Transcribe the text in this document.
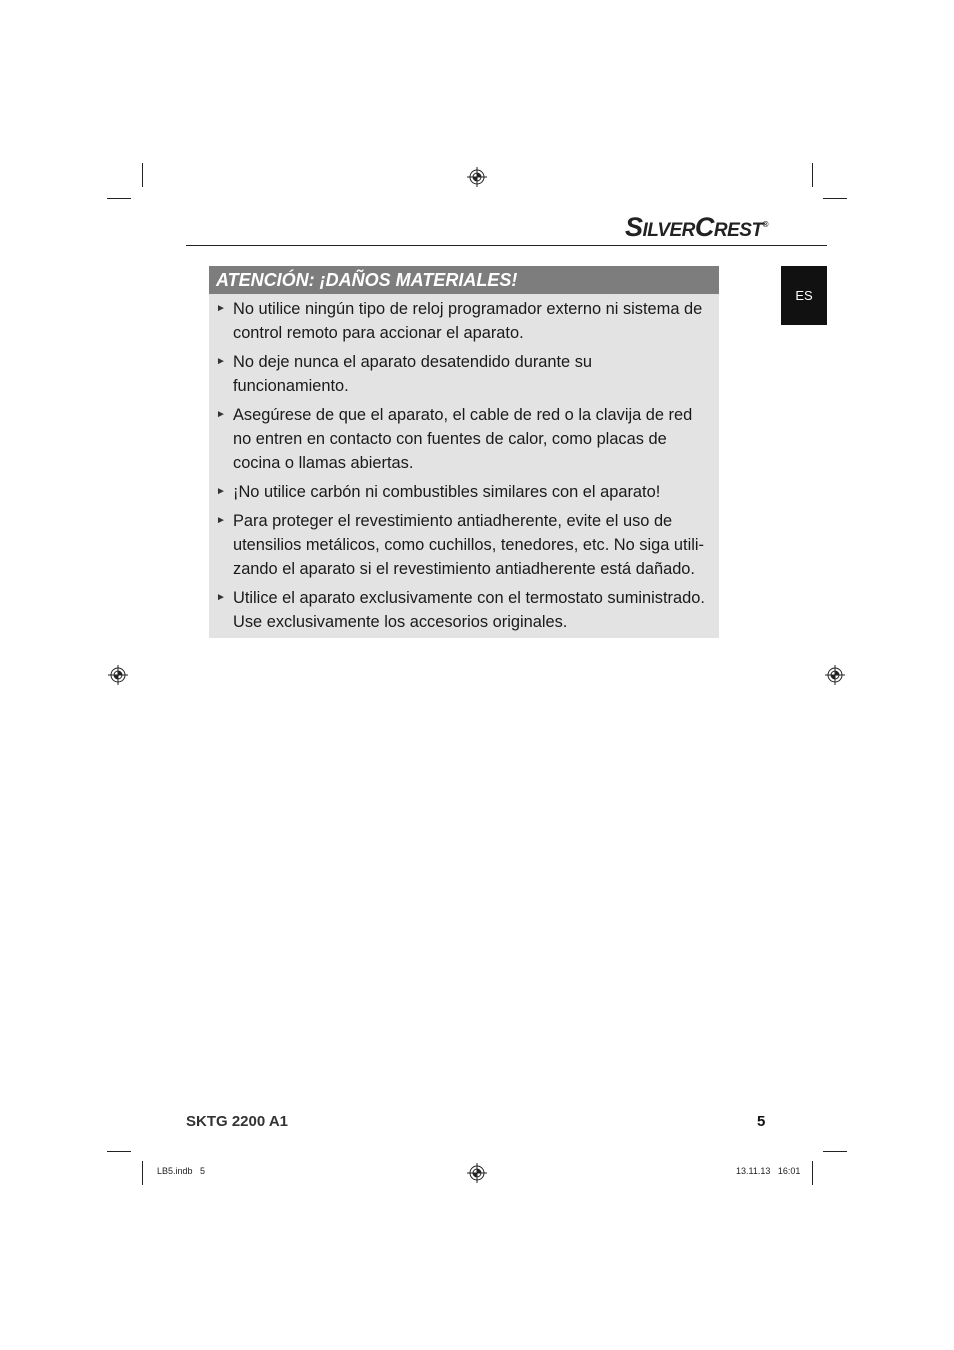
SILVERCREST®
ES
ATENCIÓN: ¡DAÑOS MATERIALES!
► No utilice ningún tipo de reloj programador externo ni sistema de control remoto para accionar el aparato.
► No deje nunca el aparato desatendido durante su funcionamiento.
► Asegúrese de que el aparato, el cable de red o la clavija de red no entren en contacto con fuentes de calor, como placas de cocina o llamas abiertas.
► ¡No utilice carbón ni combustibles similares con el aparato!
► Para proteger el revestimiento antiadherente, evite el uso de utensilios metálicos, como cuchillos, tenedores, etc. No siga utili-zando el aparato si el revestimiento antiadherente está dañado.
► Utilice el aparato exclusivamente con el termostato suministrado. Use exclusivamente los accesorios originales.
SKTG 2200 A1	5
LB5.indb   5	13.11.13   16:01
